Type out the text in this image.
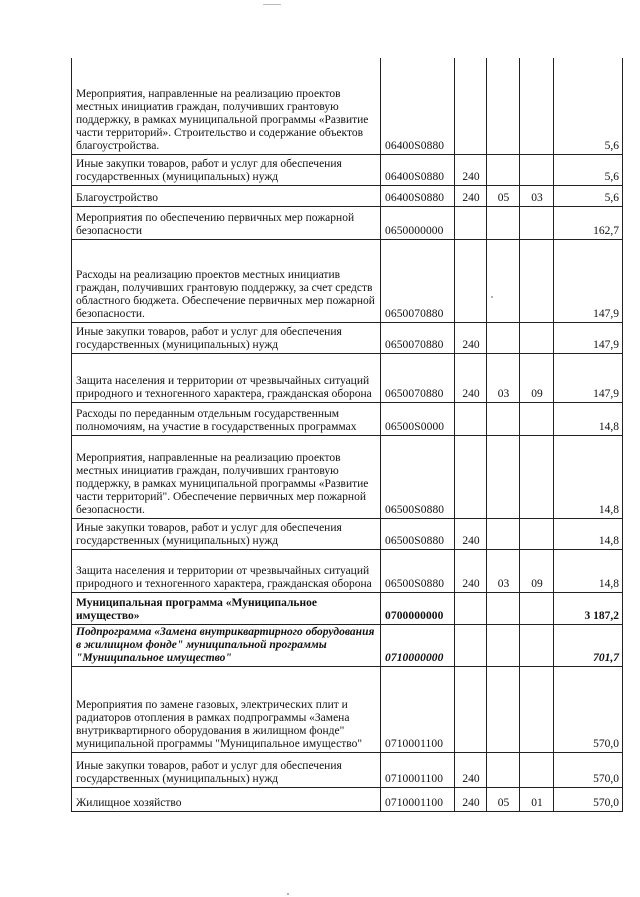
Мероприятия, направленные на реализацию проектов местных инициатив граждан, получивших грантовую поддержку, в рамках муниципальной программы «Развитие части территорий». Строительство и содержание объектов благоустройства.	06400S0880				5,6
Иные закупки товаров, работ и услуг для обеспечения государственных (муниципальных) нужд	06400S0880	240			5,6
Благоустройство	06400S0880	240	05	03	5,6
Мероприятия по обеспечению первичных мер пожарной безопасности	0650000000				162,7
Расходы на реализацию проектов местных инициатив граждан, получивших грантовую поддержку, за счет средств областного бюджета. Обеспечение первичных мер пожарной безопасности.	0650070880				147,9
Иные закупки товаров, работ и услуг для обеспечения государственных (муниципальных) нужд	0650070880	240			147,9
Защита населения и территории от чрезвычайных ситуаций природного и техногенного характера, гражданская оборона	0650070880	240	03	09	147,9
Расходы по переданным отдельным государственным полномочиям, на участие в государственных программах	06500S0000				14,8
Мероприятия, направленные на реализацию проектов местных инициатив граждан, получивших грантовую поддержку, в рамках муниципальной программы «Развитие части территорий". Обеспечение первичных мер пожарной безопасности.	06500S0880				14,8
Иные закупки товаров, работ и услуг для обеспечения государственных (муниципальных) нужд	06500S0880	240			14,8
Защита населения и территории от чрезвычайных ситуаций природного и техногенного характера, гражданская оборона	06500S0880	240	03	09	14,8
Муниципальная программа «Муниципальное имущество»	0700000000				3 187,2
Подпрограмма «Замена внутриквартирного оборудования в жилищном фонде" муниципальной программы "Муниципальное имущество"	0710000000				701,7
Мероприятия по замене газовых, электрических плит и радиаторов отопления в рамках подпрограммы «Замена внутриквартирного оборудования в жилищном фонде" муниципальной программы "Муниципальное имущество"	0710001100				570,0
Иные закупки товаров, работ и услуг для обеспечения государственных (муниципальных) нужд	0710001100	240			570,0
Жилищное хозяйство	0710001100	240	05	01	570,0
